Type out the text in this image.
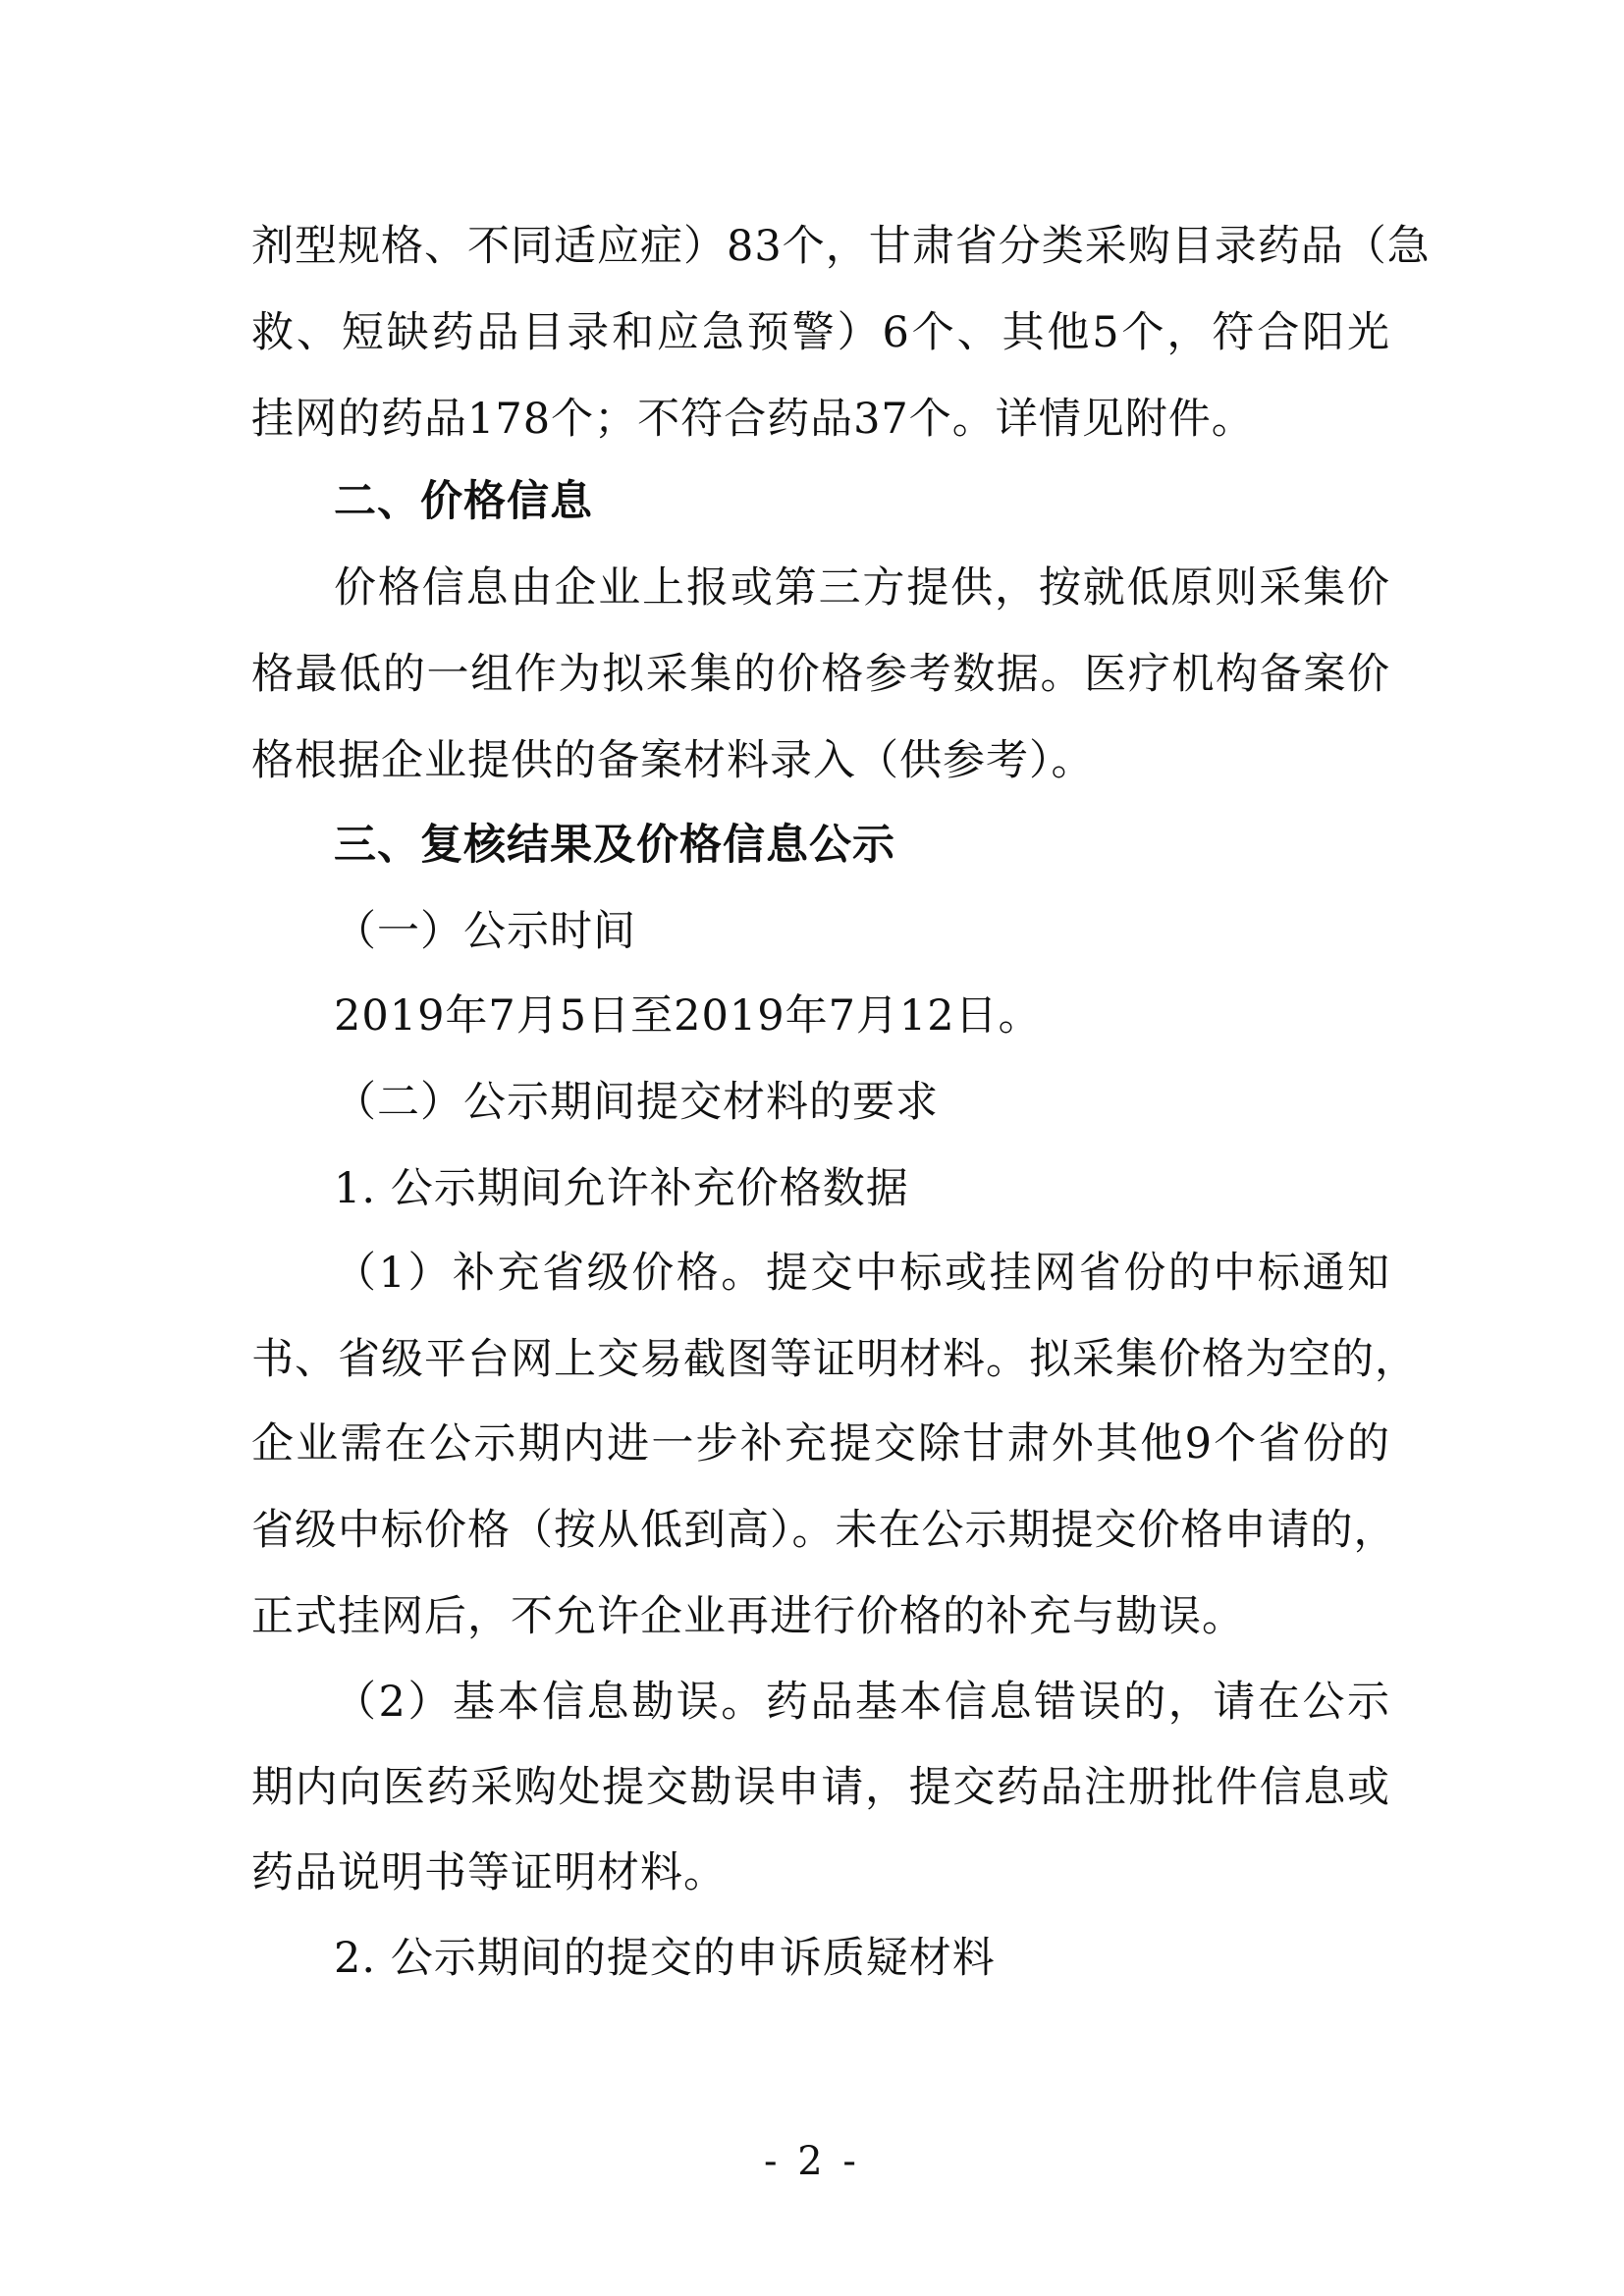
剂型规格、不同适应症）83个，甘肃省分类采购目录药品（急
救、短缺药品目录和应急预警）6个、其他5个，符合阳光
挂网的药品178个；不符合药品37个。详情见附件。
二、价格信息
价格信息由企业上报或第三方提供，按就低原则采集价
格最低的一组作为拟采集的价格参考数据。医疗机构备案价
格根据企业提供的备案材料录入（供参考）。
三、复核结果及价格信息公示
（一）公示时间
2019年7月5日至2019年7月12日。
（二）公示期间提交材料的要求
1. 公示期间允许补充价格数据
（1）补充省级价格。提交中标或挂网省份的中标通知
书、省级平台网上交易截图等证明材料。拟采集价格为空的，
企业需在公示期内进一步补充提交除甘肃外其他9个省份的
省级中标价格（按从低到高）。未在公示期提交价格申请的，
正式挂网后，不允许企业再进行价格的补充与勘误。
（2）基本信息勘误。药品基本信息错误的，请在公示
期内向医药采购处提交勘误申请，提交药品注册批件信息或
药品说明书等证明材料。
2. 公示期间的提交的申诉质疑材料
- 2 -
